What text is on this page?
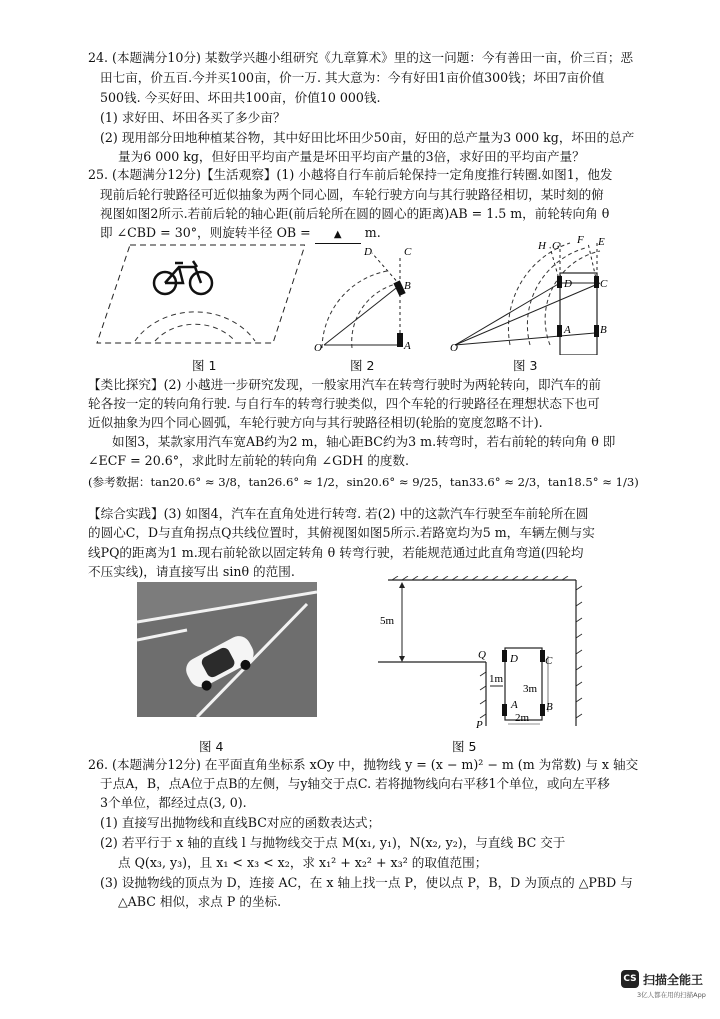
24. (本题满分10分) 某数学兴趣小组研究《九章算术》里的这一问题：今有善田一亩，价三百；恶
田七亩，价五百.今并买100亩，价一万. 其大意为：今有好田1亩价值300钱；坏田7亩价值
500钱. 今买好田、坏田共100亩，价值10 000钱.
(1) 求好田、坏田各买了多少亩？
(2) 现用部分田地种植某谷物，其中好田比坏田少50亩，好田的总产量为3 000 kg，坏田的总产
量为6 000 kg，但好田平均亩产量是坏田平均亩产量的3倍，求好田的平均亩产量？
25. (本题满分12分)【生活观察】(1) 小越将自行车前后轮保持一定角度推行转圈.如图1，他发
现前后轮行驶路径可近似抽象为两个同心圆，车轮行驶方向与其行驶路径相切，某时刻的俯
视图如图2所示.若前后轮的轴心距(前后轮所在圆的圆心的距离)AB = 1.5 m，前轮转向角 θ
即 ∠CBD = 30°，则旋转半径 OB = ▲ m.
图 1
D	C
B
O	A
图 2
H G F E
D	C
A	B
O
图 3
【类比探究】(2) 小越进一步研究发现，一般家用汽车在转弯行驶时为两轮转向，即汽车的前
轮各按一定的转向角行驶. 与自行车的转弯行驶类似，四个车轮的行驶路径在理想状态下也可
近似抽象为四个同心圆弧，车轮行驶方向与其行驶路径相切(轮胎的宽度忽略不计).
如图3，某款家用汽车宽AB约为2 m，轴心距BC约为3 m.转弯时，若右前轮的转向角 θ 即
∠ECF = 20.6°，求此时左前轮的转向角 ∠GDH 的度数.
(参考数据：tan20.6° ≈ 3/8，tan26.6° ≈ 1/2，sin20.6° ≈ 9/25，tan33.6° ≈ 2/3，tan18.5° ≈ 1/3)
【综合实践】(3) 如图4，汽车在直角处进行转弯. 若(2) 中的这款汽车行驶至车前轮所在圆
的圆心C，D与直角拐点Q共线位置时，其俯视图如图5所示.若路宽均为5 m，车辆左侧与实
线PQ的距离为1 m.现右前轮欲以固定转角 θ 转弯行驶，若能规范通过此直角弯道(四轮均
不压实线)，请直接写出 sinθ 的范围.
图 4
5m
Q D C
1m
3m
A	B
2m
P
图 5
26. (本题满分12分) 在平面直角坐标系 xOy 中，抛物线 y = (x − m)² − m (m 为常数) 与 x 轴交
于点A，B，点A位于点B的左侧，与y轴交于点C. 若将抛物线向右平移1个单位，或向左平移
3个单位，都经过点(3, 0).
(1) 直接写出抛物线和直线BC对应的函数表达式；
(2) 若平行于 x 轴的直线 l 与抛物线交于点 M(x₁, y₁)，N(x₂, y₂)，与直线 BC 交于
点 Q(x₃, y₃)，且 x₁ < x₃ < x₂，求 x₁² + x₂² + x₃² 的取值范围；
(3) 设抛物线的顶点为 D，连接 AC，在 x 轴上找一点 P，使以点 P，B，D 为顶点的 △PBD 与
△ABC 相似，求点 P 的坐标.
CS 扫描全能王
3亿人都在用的扫描App
